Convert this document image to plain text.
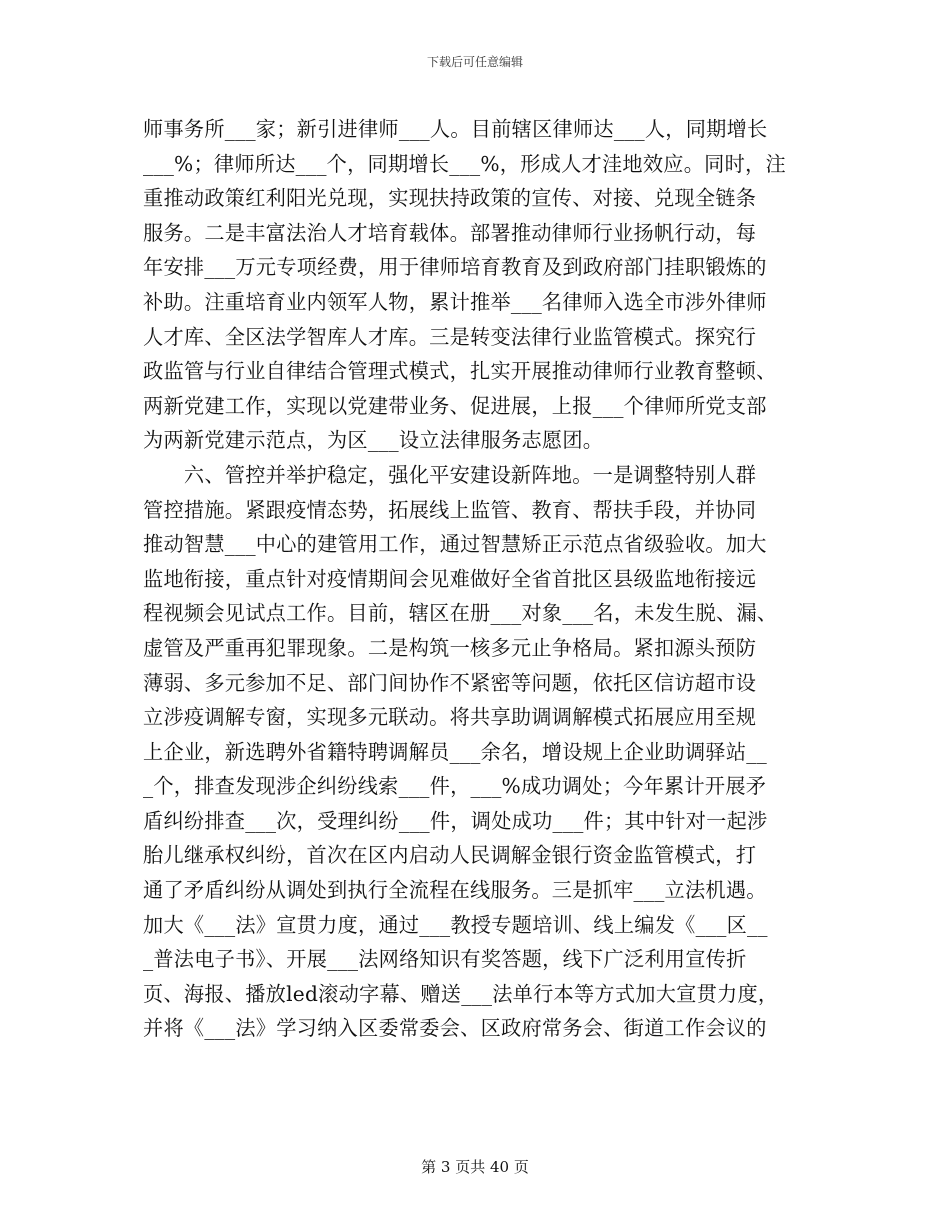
下载后可任意编辑
师事务所___家；新引进律师___人。目前辖区律师达___人，同期增长
___%；律师所达___个，同期增长___%，形成人才洼地效应。同时，注
重推动政策红利阳光兑现，实现扶持政策的宣传、对接、兑现全链条
服务。二是丰富法治人才培育载体。部署推动律师行业扬帆行动，每
年安排___万元专项经费，用于律师培育教育及到政府部门挂职锻炼的
补助。注重培育业内领军人物，累计推举___名律师入选全市涉外律师
人才库、全区法学智库人才库。三是转变法律行业监管模式。探究行
政监管与行业自律结合管理式模式，扎实开展推动律师行业教育整顿、
两新党建工作，实现以党建带业务、促进展，上报___个律师所党支部
为两新党建示范点，为区___设立法律服务志愿团。
　　六、管控并举护稳定，强化平安建设新阵地。一是调整特别人群
管控措施。紧跟疫情态势，拓展线上监管、教育、帮扶手段，并协同
推动智慧___中心的建管用工作，通过智慧矫正示范点省级验收。加大
监地衔接，重点针对疫情期间会见难做好全省首批区县级监地衔接远
程视频会见试点工作。目前，辖区在册___对象___名，未发生脱、漏、
虚管及严重再犯罪现象。二是构筑一核多元止争格局。紧扣源头预防
薄弱、多元参加不足、部门间协作不紧密等问题，依托区信访超市设
立涉疫调解专窗，实现多元联动。将共享助调调解模式拓展应用至规
上企业，新选聘外省籍特聘调解员___余名，增设规上企业助调驿站__
_个，排查发现涉企纠纷线索___件，___%成功调处；今年累计开展矛
盾纠纷排查___次，受理纠纷___件，调处成功___件；其中针对一起涉
胎儿继承权纠纷，首次在区内启动人民调解金银行资金监管模式，打
通了矛盾纠纷从调处到执行全流程在线服务。三是抓牢___立法机遇。
加大《___法》宣贯力度，通过___教授专题培训、线上编发《___区__
_普法电子书》、开展___法网络知识有奖答题，线下广泛利用宣传折
页、海报、播放led滚动字幕、赠送___法单行本等方式加大宣贯力度，
并将《___法》学习纳入区委常委会、区政府常务会、街道工作会议的
第 3 页共 40 页
